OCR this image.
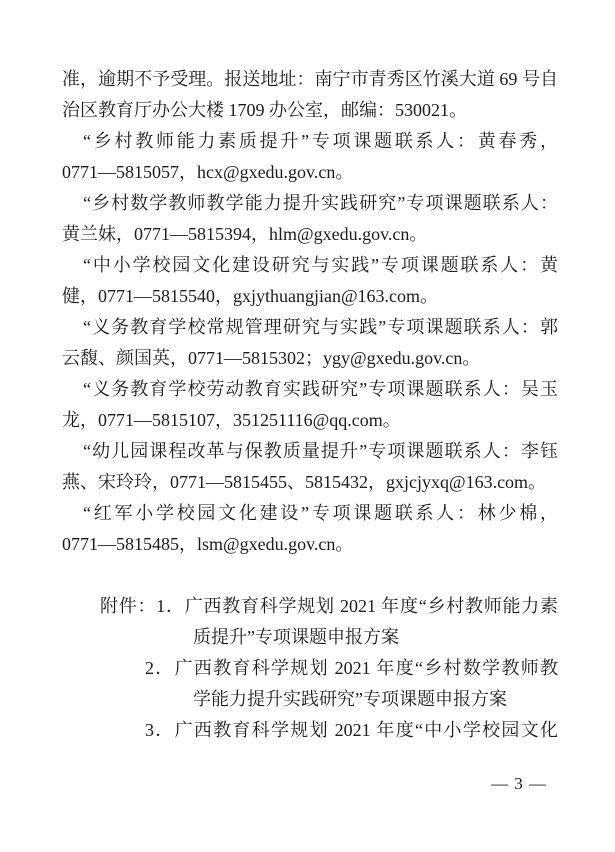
准，逾期不予受理。报送地址：南宁市青秀区竹溪大道 69 号自
治区教育厅办公大楼 1709 办公室，邮编：530021。
“乡村教师能力素质提升”专项课题联系人：黄春秀，
0771—5815057，hcx@gxedu.gov.cn。
“乡村数学教师教学能力提升实践研究”专项课题联系人：
黄兰妹，0771—5815394，hlm@gxedu.gov.cn。
“中小学校园文化建设研究与实践”专项课题联系人：黄
健，0771—5815540，gxjythuangjian@163.com。
“义务教育学校常规管理研究与实践”专项课题联系人：郭
云馥、颜国英，0771—5815302；ygy@gxedu.gov.cn。
“义务教育学校劳动教育实践研究”专项课题联系人：吴玉
龙，0771—5815107，351251116@qq.com。
“幼儿园课程改革与保教质量提升”专项课题联系人：李钰
燕、宋玲玲，0771—5815455、5815432，gxjcjyxq@163.com。
“红军小学校园文化建设”专项课题联系人：林少棉，
0771—5815485，lsm@gxedu.gov.cn。
附件：1．广西教育科学规划 2021 年度“乡村教师能力素
质提升”专项课题申报方案
2．广西教育科学规划 2021 年度“乡村数学教师教
学能力提升实践研究”专项课题申报方案
3．广西教育科学规划 2021 年度“中小学校园文化
— 3 —
